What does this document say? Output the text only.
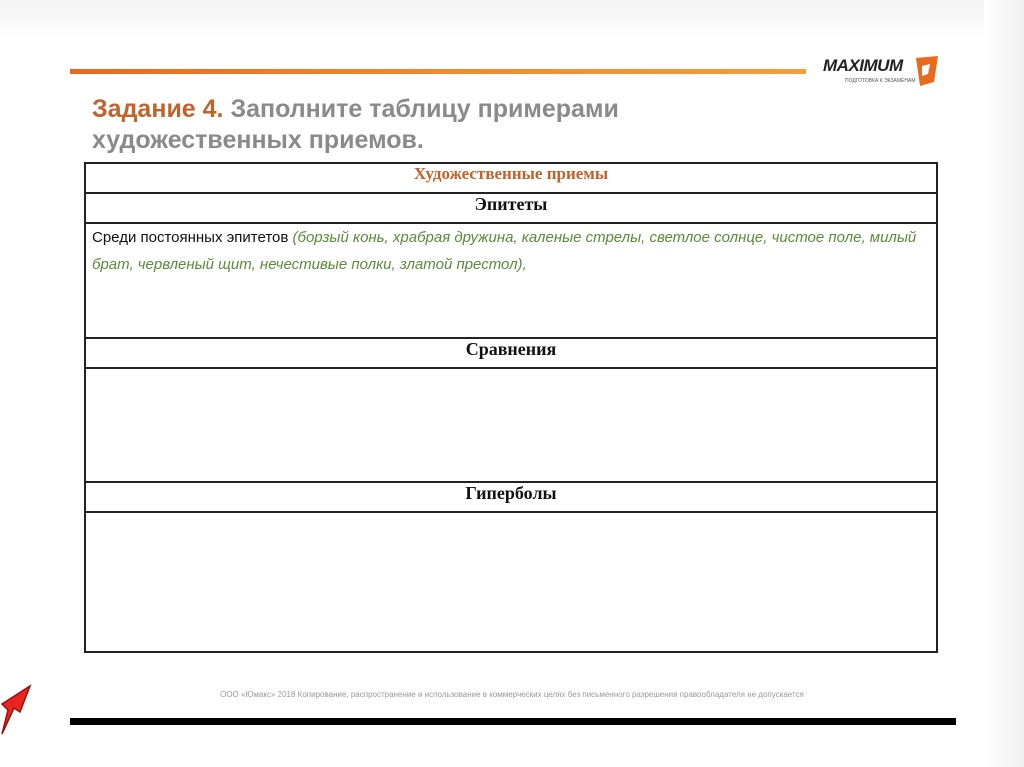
MAXIMUM
ПОДГОТОВКА К ЭКЗАМЕНАМ
Задание 4. Заполните таблицу примерами художественных приемов.
Художественные приемы
Эпитеты
Среди постоянных эпитетов (борзый конь, храбрая дружина, каленые стрелы, светлое солнце, чистое поле, милый брат, червленый щит, нечестивые полки, златой престол),
Сравнения

Гиперболы

ООО «Юмакс» 2018 Копирование, распространение и использование в коммерческих целях без письменного разрешения правообладателя не допускается
